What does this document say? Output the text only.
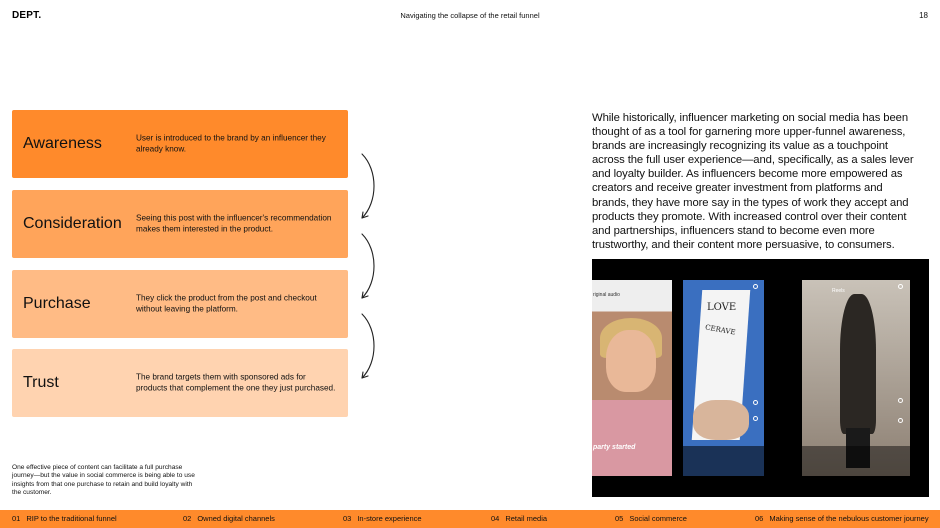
DEPT.	Navigating the collapse of the retail funnel	18
Awareness	User is introduced to the brand by an influencer they already know.
Consideration Seeing this post with the influencer's recommendation makes them interested in the product.
Purchase	They click the product from the post and checkout without leaving the platform.
Trust	The brand targets them with sponsored ads for products that complement the one they just purchased.
One effective piece of content can facilitate a full purchase journey—but the value in social commerce is being able to use insights from that one purchase to retain and build loyalty with the customer.
While historically, influencer marketing on social media has been thought of as a tool for garnering more upper-funnel awareness, brands are increasingly recognizing its value as a touchpoint across the full user experience—and, specifically, as a sales lever and loyalty builder. As influencers become more empowered as creators and receive greater investment from platforms and brands, they have more say in the types of work they accept and products they promote. With increased control over their content and partnerships, influencers stand to become even more trustworthy, and their content more persuasive, to consumers.
riginal audio
party started
LOVE
CERAVE
Reels
01 RIP to the traditional funnel	02 Owned digital channels	03 In-store experience	04 Retail media	05 Social commerce	06 Making sense of the nebulous customer journey
